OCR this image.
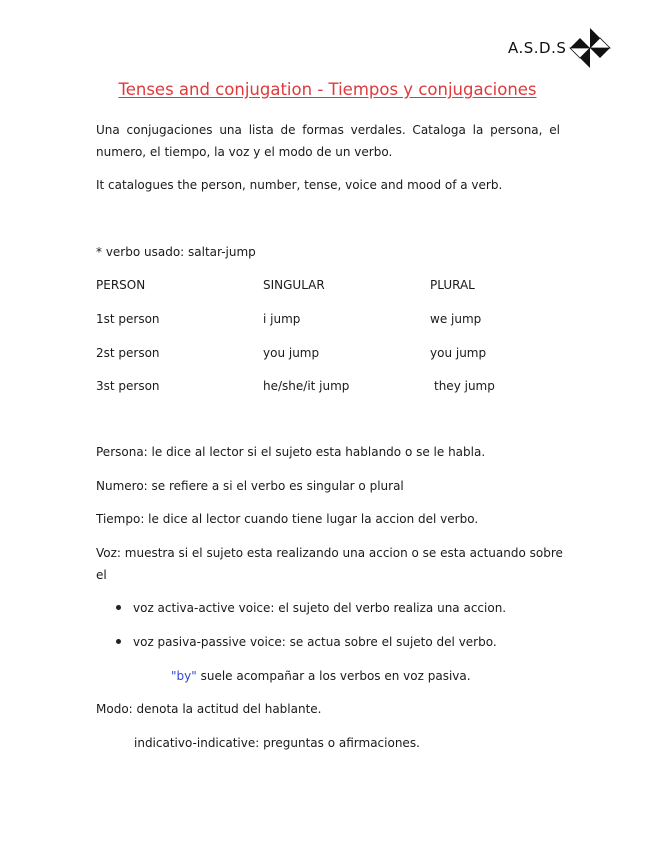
A.S.D.S
Tenses and conjugation - Tiempos y conjugaciones
Una conjugaciones una lista de formas verdales. Cataloga la persona, el numero, el tiempo, la voz y el modo de un verbo.
It catalogues the person, number, tense, voice and mood of a verb.
* verbo usado: saltar-jump
PERSON	SINGULAR	PLURAL
1st person	i jump	we jump
2st person	you jump	you jump
3st person	he/she/it jump	they jump
Persona: le dice al lector si el sujeto esta hablando o se le habla.
Numero: se refiere a si el verbo es singular o plural
Tiempo: le dice al lector cuando tiene lugar la accion del verbo.
Voz: muestra si el sujeto esta realizando una accion o se esta actuando sobre
el
voz activa-active voice: el sujeto del verbo realiza una accion.
voz pasiva-passive voice: se actua sobre el sujeto del verbo.
"by" suele acompañar a los verbos en voz pasiva.
Modo: denota la actitud del hablante.
indicativo-indicative: preguntas o afirmaciones.
